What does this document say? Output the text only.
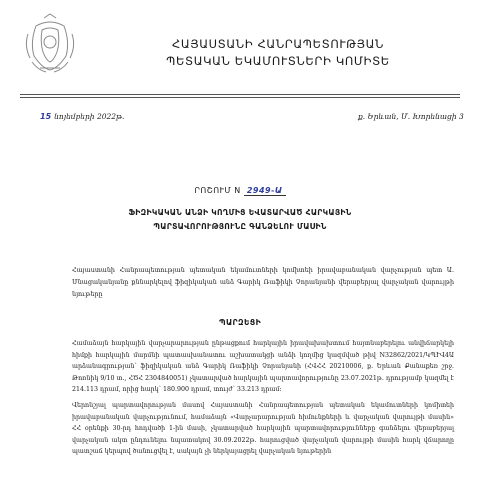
ՀԱՅԱՍՏԱՆԻ ՀԱՆՐԱՊԵՏՈՒԹՅԱՆ
ՊԵՏԱԿԱՆ ԵԿԱՄՈՒՏՆԵՐԻ ԿՈՄԻՏԵ
15 նոյեմբերի 2022թ.	ք. Երևան, Մ. Խորենացի 3
ՐՈՇՈՒՄ N 2949-Ա
ՖԻԶԻԿԱԿԱՆ ԱՆՁԻ ԿՈՂՄԻՑ ԵՎԱՏԱՐՎԱԾ ՀԱՐԿԱՅԻՆ
ՊԱՐՏԱՎՈՐՈՒԹՅՈՒՆԸ ԳԱՆՁԵԼՈՒ ՄԱՍԻՆ
Հայաստանի Հանրապետության պետական եկամուտների կոմիտեի իրավաբանական վարչության պետ Ա. Մնացականյանը քննարկելով ֆիզիկական անձ Գարիկ Ռաֆիկի Չորանյանի վերաբերյալ վարչական վարույթի նյութերը
ՊԱՐԶԵՑԻ
Համաձայն հարկային վարչարարության ընթացքում հարկային իրավախախտում հայտնաբերելու անվիճարկելի հիմքի հարկային մարմնի պատասխանատու աշխատակցի անձի կողմից կազմված թիվ N32862/2021/ԿՊՒՎ4Ա արձանագրության՝ ֆիզիկական անձ Գարիկ Ռաֆիկի Չորանյանի (ՀՎՀՀ 20210006, ք. Երևան Քանաքեռ շրջ. Թոռնիկ 9/10 տ., ՀԾՀ 2304840051) չկատարված հարկային պարտավորությունը 23.07.2021թ. դրությամբ կազմել է 214.113 դրամ, որից հարկ՝ 180.900 դրամ, տույժ՝ 33.213 դրամ:
Վերոնշյալ պարտավորության մասով Հայաստանի Հանրապետության պետական եկամուտների կոմիտեի իրավաբանական վարչությունում, համաձայն «Վարչարարության հիմունքների և վարչական վարույթի մասին» ՀՀ օրենքի 30-րդ հոդվածի 1-ին մասի, չկատարված հարկային պարտավորությունները գանձելու վերաբերյալ վարչական ակտ ընդունելու նպատակով 30.09.2022թ. հարուցված վարչական վարույթի մասին հարկ վճարողը պատշաճ կերպով ծանուցվել է, սակայն չի ներկայացրել վարչական նյութերին
